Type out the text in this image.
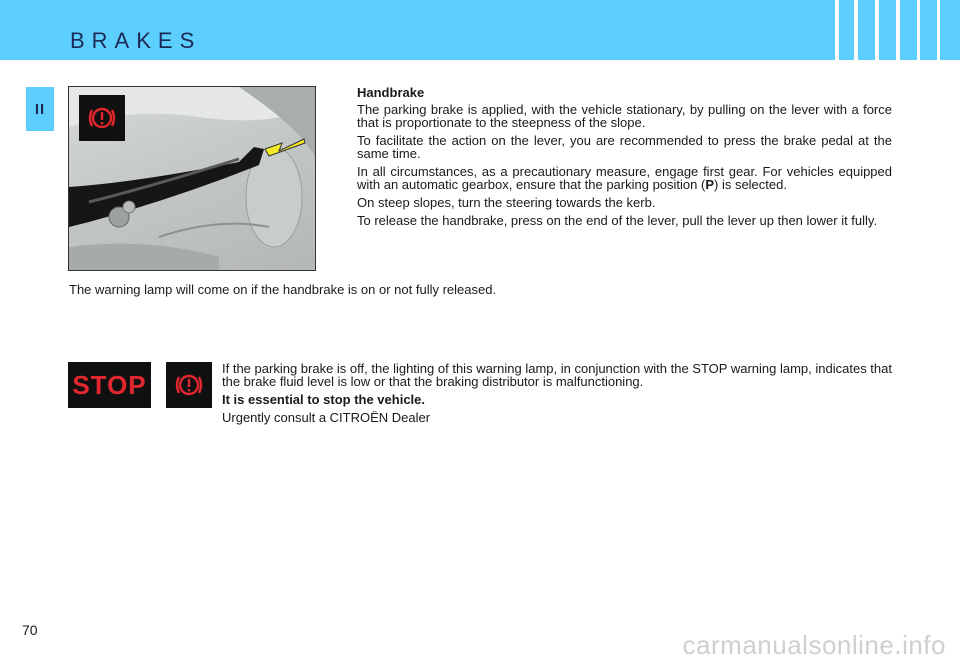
BRAKES
II

Handbrake

The parking brake is applied, with the vehicle stationary, by pulling on the lever with a force that is proportionate to the steepness of the slope.

To facilitate the action on the lever, you are recommended to press the brake pedal at the same time.

In all circumstances, as a precautionary measure, engage first gear. For vehicles equipped with an automatic gearbox, ensure that the parking position (P) is selected.

On steep slopes, turn the steering towards the kerb.

To release the handbrake, press on the end of the lever, pull the lever up then lower it fully.

The warning lamp will come on if the handbrake is on or not fully released.
STOP

If the parking brake is off, the lighting of this warning lamp, in conjunction with the STOP warning lamp, indicates that the brake fluid level is low or that the braking distributor is malfunctioning.

It is essential to stop the vehicle.

Urgently consult a CITROËN Dealer

70	carmanualsonline.info
